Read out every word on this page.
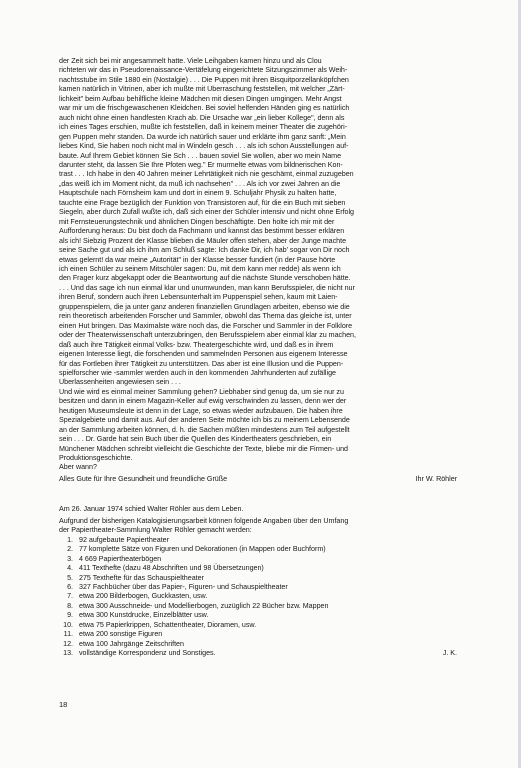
der Zeit sich bei mir angesammelt hatte. Viele Leihgaben kamen hinzu und als Clou
richteten wir das in Pseudorenaissance-Vertäfelung eingerichtete Sitzungszimmer als Weih-
nachtsstube im Stile 1880 ein (Nostalgie) . . . Die Puppen mit ihren Bisquitporzellanköpfchen
kamen natürlich in Vitrinen, aber ich mußte mit Überraschung feststellen, mit welcher „Zärt-
lichkeit" beim Aufbau behilfliche kleine Mädchen mit diesen Dingen umgingen. Mehr Angst
war mir um die frischgewaschenen Kleidchen. Bei soviel helfenden Händen ging es natürlich
auch nicht ohne einen handfesten Krach ab. Die Ursache war „ein lieber Kollege", denn als
ich eines Tages erschien, mußte ich feststellen, daß in keinem meiner Theater die zugehöri-
gen Puppen mehr standen. Da wurde ich natürlich sauer und erklärte ihm ganz sanft: „Mein
liebes Kind, Sie haben noch nicht mal in Windeln gesch . . . als ich schon Ausstellungen auf-
baute. Auf Ihrem Gebiet können Sie Sch . . . bauen soviel Sie wollen, aber wo mein Name
darunter steht, da lassen Sie Ihre Pfoten weg." Er murmelte etwas vom bildnerischen Kon-
trast . . . Ich habe in den 40 Jahren meiner Lehrtätigkeit nich nie geschämt, einmal zuzugeben
„das weiß ich im Moment nicht, da muß ich nachsehen" . . . Als ich vor zwei Jahren an die
Hauptschule nach Förnsheim kam und dort in einem 9. Schuljahr Physik zu halten hatte,
tauchte eine Frage bezüglich der Funktion von Transistoren auf, für die ein Buch mit sieben
Siegeln, aber durch Zufall wußte ich, daß sich einer der Schüler intensiv und nicht ohne Erfolg
mit Fernsteuerungstechnik und ähnlichen Dingen beschäftigte. Den holte ich mir mit der
Aufforderung heraus: Du bist doch da Fachmann und kannst das bestimmt besser erklären
als ich! Siebzig Prozent der Klasse blieben die Mäuler offen stehen, aber der Junge machte
seine Sache gut und als ich ihm am Schluß sagte: Ich danke Dir, ich hab' sogar von Dir noch
etwas gelernt! da war meine „Autorität" in der Klasse besser fundiert (in der Pause hörte
ich einen Schüler zu seinem Mitschüler sagen: Du, mit dem kann mer redde) als wenn ich
den Frager kurz abgekappt oder die Beantwortung auf die nächste Stunde verschoben hätte.
. . . Und das sage ich nun einmal klar und unumwunden, man kann Berufsspieler, die nicht nur
ihren Beruf, sondern auch ihren Lebensunterhalt im Puppenspiel sehen, kaum mit Laien-
gruppenspielern, die ja unter ganz anderen finanziellen Grundlagen arbeiten, ebenso wie die
rein theoretisch arbeitenden Forscher und Sammler, obwohl das Thema das gleiche ist, unter
einen Hut bringen. Das Maximalste wäre noch das, die Forscher und Sammler in der Folklore
oder der Theaterwissenschaft unterzubringen, den Berufsspielern aber einmal klar zu machen,
daß auch ihre Tätigkeit einmal Volks- bzw. Theatergeschichte wird, und daß es in ihrem
eigenen Interesse liegt, die forschenden und sammelnden Personen aus eigenem Interesse
für das Fortleben ihrer Tätigkeit zu unterstützen. Das aber ist eine Illusion und die Puppen-
spielforscher wie -sammler werden auch in den kommenden Jahrhunderten auf zufällige
Überlassenheiten angewiesen sein . . .
Und wie wird es einmal meiner Sammlung gehen? Liebhaber sind genug da, um sie nur zu
besitzen und dann in einem Magazin-Keller auf ewig verschwinden zu lassen, denn wer der
heutigen Museumsleute ist denn in der Lage, so etwas wieder aufzubauen. Die haben ihre
Spezialgebiete und damit aus. Auf der anderen Seite möchte ich bis zu meinem Lebensende
an der Sammlung arbeiten können, d. h. die Sachen müßten mindestens zum Teil aufgestellt
sein . . . Dr. Garde hat sein Buch über die Quellen des Kindertheaters geschrieben, ein
Münchener Mädchen schreibt vielleicht die Geschichte der Texte, bliebe mir die Firmen- und
Produktionsgeschichte.
Aber wann?
Alles Gute für Ihre Gesundheit und freundliche Grüße	Ihr W. Röhler
Am 26. Januar 1974 schied Walter Röhler aus dem Leben.
Aufgrund der bisherigen Katalogisierungsarbeit können folgende Angaben über den Umfang
der Papiertheater-Sammlung Walter Röhler gemacht werden:
1. 92 aufgebaute Papiertheater
2. 77 komplette Sätze von Figuren und Dekorationen (in Mappen oder Buchform)
3. 4 669 Papiertheaterbögen
4. 411 Texthefte (dazu 48 Abschriften und 98 Übersetzungen)
5. 275 Texthefte für das Schauspieltheater
6. 327 Fachbücher über das Papier-, Figuren- und Schauspieltheater
7. etwa 200 Bilderbogen, Guckkasten, usw.
8. etwa 300 Ausschneide- und Modellierbogen, zuzüglich 22 Bücher bzw. Mappen
9. etwa 300 Kunstdrucke, Einzelblätter usw.
10. etwa 75 Papierkrippen, Schattentheater, Dioramen, usw.
11. etwa 200 sonstige Figuren
12. etwa 100 Jahrgänge Zeitschriften
13. vollständige Korrespondenz und Sonstiges.	J. K.
18
